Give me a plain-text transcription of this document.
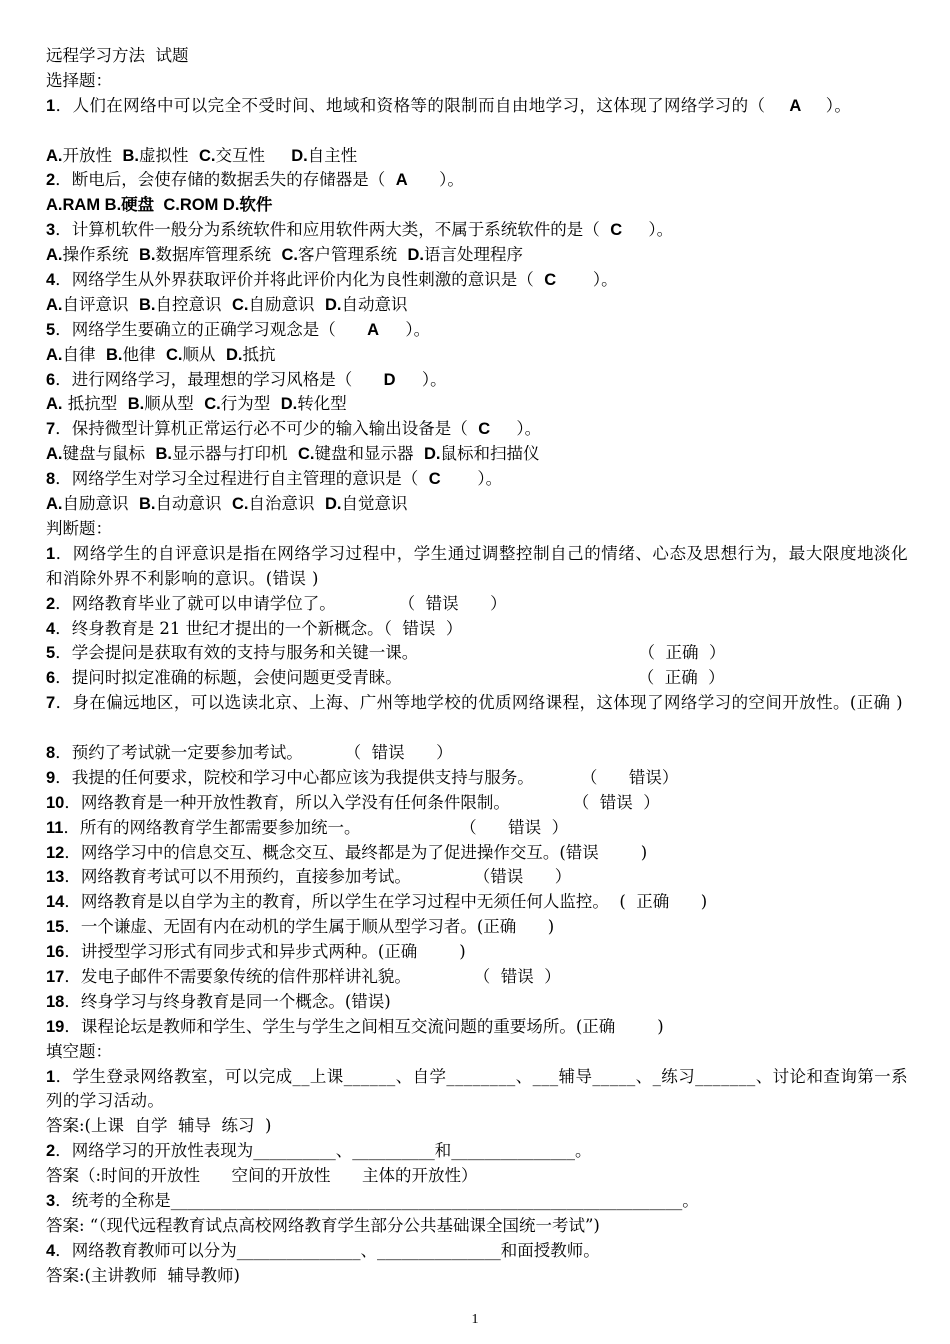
远程学习方法  试题
选择题：
1．人们在网络中可以完全不受时间、地域和资格等的限制而自由地学习，这体现了网络学习的（ A ）。
A.开放性  B.虚拟性  C.交互性     D.自主性
2．断电后，会使存储的数据丢失的存储器是（  A      ）。
A.RAM B.硬盘  C.ROM D.软件
3．计算机软件一般分为系统软件和应用软件两大类，不属于系统软件的是（  C     ）。
A.操作系统  B.数据库管理系统  C.客户管理系统  D.语言处理程序
4．网络学生从外界获取评价并将此评价内化为良性刺激的意识是（  C       ）。
A.自评意识  B.自控意识  C.自励意识  D.自动意识
5．网络学生要确立的正确学习观念是（      A     ）。
A.自律  B.他律  C.顺从  D.抵抗
6．进行网络学习，最理想的学习风格是（      D     ）。
A. 抵抗型  B.顺从型  C.行为型  D.转化型
7．保持微型计算机正常运行必不可少的输入输出设备是（  C     ）。
A.键盘与鼠标  B.显示器与打印机  C.键盘和显示器  D.鼠标和扫描仪
8．网络学生对学习全过程进行自主管理的意识是（  C       ）。
A.自励意识  B.自动意识  C.自治意识  D.自觉意识
判断题：
1．网络学生的自评意识是指在网络学习过程中，学生通过调整控制自己的情绪、心态及思想行为，最大限度地淡化和消除外界不利影响的意识。(错误 )
2．网络教育毕业了就可以申请学位了。            （  错误      ）
4．终身教育是 21 世纪才提出的一个新概念。（  错误  ）
5．学会提问是获取有效的支持与服务和关键一课。                                          （  正确  ）
6．提问时拟定准确的标题，会使问题更受青睐。                                             （  正确  ）
7．身在偏远地区，可以选读北京、上海、广州等地学校的优质网络课程，这体现了网络学习的空间开放性。(正确 )
8．预约了考试就一定要参加考试。        （  错误      ）
9．我提的任何要求，院校和学习中心都应该为我提供支持与服务。         （      错误）
10．网络教育是一种开放性教育，所以入学没有任何条件限制。            （  错误  ）
11．所有的网络教育学生都需要参加统一。                   （      错误  ）
12．网络学习中的信息交互、概念交互、最终都是为了促进操作交互。(错误        )
13．网络教育考试可以不用预约，直接参加考试。            （错误      ）
14．网络教育是以自学为主的教育，所以学生在学习过程中无须任何人监控。  (  正确      )
15．一个谦虚、无固有内在动机的学生属于顺从型学习者。(正确      )
16．讲授型学习形式有同步式和异步式两种。(正确        )
17．发电子邮件不需要象传统的信件那样讲礼貌。            （  错误  ）
18．终身学习与终身教育是同一个概念。(错误)
19．课程论坛是教师和学生、学生与学生之间相互交流问题的重要场所。(正确        )
填空题：
1．学生登录网络教室，可以完成__上课______、自学________、___辅导_____、_练习_______、讨论和查询第一系列的学习活动。
答案:(上课  自学  辅导  练习  )
2．网络学习的开放性表现为__________、__________和_______________。
答案（:时间的开放性      空间的开放性      主体的开放性）
3．统考的全称是______________________________________________________________。
答案: “（现代远程教育试点高校网络教育学生部分公共基础课全国统一考试”)
4．网络教育教师可以分为_______________、_______________和面授教师。
答案:(主讲教师  辅导教师)
1
